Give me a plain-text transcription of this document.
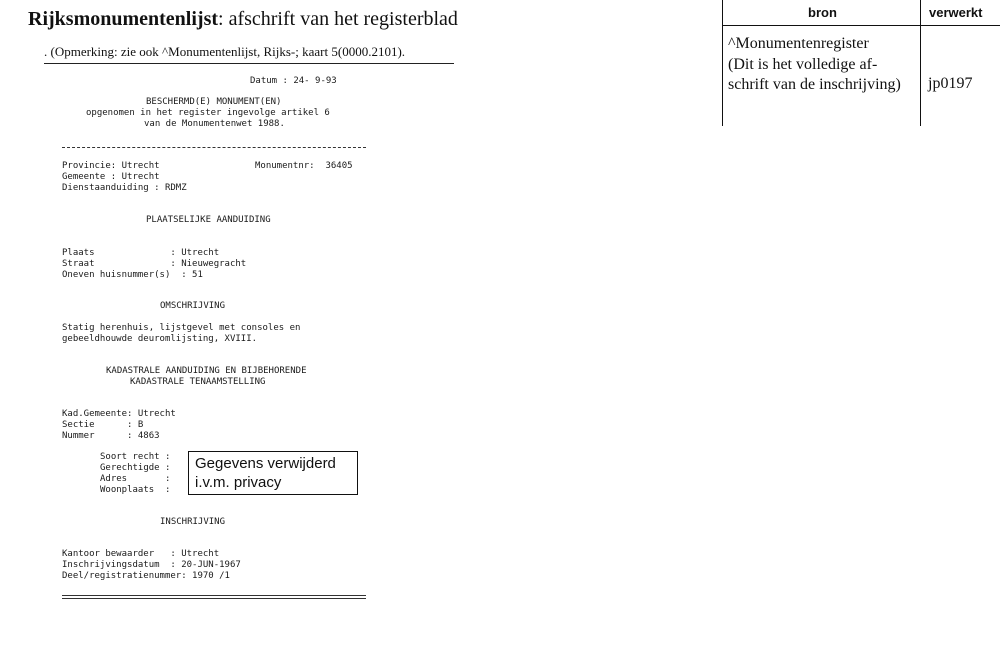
Rijksmonumentenlijst: afschrift van het registerblad
. (Opmerking: zie ook ^Monumentenlijst, Rijks-; kaart 5(0000.2101).
Datum : 24- 9-93
BESCHERMD(E) MONUMENT(EN)
opgenomen in het register ingevolge artikel 6
van de Monumentenwet 1988.
Provincie: Utrecht	Monumentnr:  36405
Gemeente : Utrecht
Dienstaanduiding : RDMZ
PLAATSELIJKE AANDUIDING
Plaats              : Utrecht
Straat              : Nieuwegracht
Oneven huisnummer(s)  : 51
OMSCHRIJVING
Statig herenhuis, lijstgevel met consoles en
gebeeldhouwde deuromlijsting, XVIII.
KADASTRALE AANDUIDING EN BIJBEHORENDE
KADASTRALE TENAAMSTELLING
Kad.Gemeente: Utrecht
Sectie      : B
Nummer      : 4863
Soort recht :
Gerechtigde :
Adres       :
Woonplaats  :
INSCHRIJVING
Kantoor bewaarder   : Utrecht
Inschrijvingsdatum  : 20-JUN-1967
Deel/registratienummer: 1970 /1
Gegevens verwijderd
i.v.m. privacy
bron	verwerkt
^Monumentenregister
(Dit is het volledige af-
schrift van de inschrijving)	jp0197
